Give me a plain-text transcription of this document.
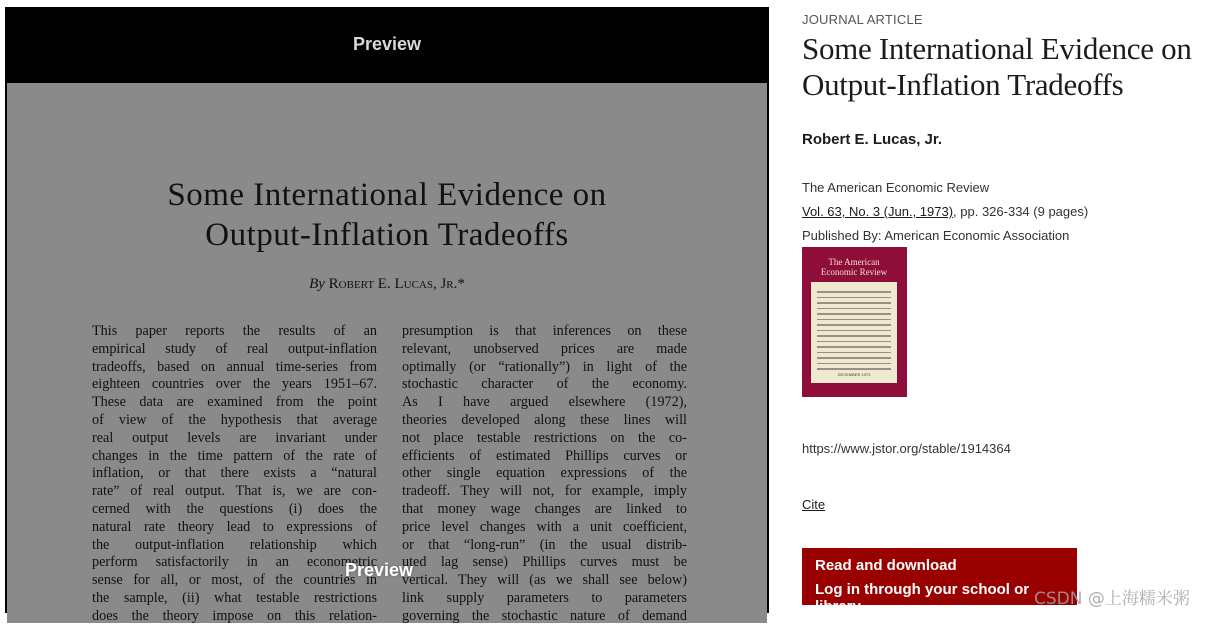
Preview
Some International Evidence on
Output-Inflation Tradeoffs
By Robert E. Lucas, Jr.*
This paper reports the results of an
empirical study of real output-inflation
tradeoffs, based on annual time-series from
eighteen countries over the years 1951–67.
These data are examined from the point
of view of the hypothesis that average
real output levels are invariant under
changes in the time pattern of the rate of
inflation, or that there exists a “natural
rate” of real output. That is, we are con-
cerned with the questions (i) does the
natural rate theory lead to expressions of
the output-inflation relationship which
perform satisfactorily in an econometric
sense for all, or most, of the countries in
the sample, (ii) what testable restrictions
does the theory impose on this relation-
presumption is that inferences on these
relevant, unobserved prices are made
optimally (or “rationally”) in light of the
stochastic character of the economy.
As I have argued elsewhere (1972),
theories developed along these lines will
not place testable restrictions on the co-
efficients of estimated Phillips curves or
other single equation expressions of the
tradeoff. They will not, for example, imply
that money wage changes are linked to
price level changes with a unit coefficient,
or that “long-run” (in the usual distrib-
uted lag sense) Phillips curves must be
vertical. They will (as we shall see below)
link supply parameters to parameters
governing the stochastic nature of demand
Preview
JOURNAL ARTICLE
Some International Evidence on Output-Inflation Tradeoffs
Robert E. Lucas, Jr.
The American Economic Review
Vol. 63, No. 3 (Jun., 1973), pp. 326-334 (9 pages)
Published By: American Economic Association
The American Economic Review
DECEMBER 1973
https://www.jstor.org/stable/1914364
Cite
Read and download
Log in through your school or library	CSDN @上海糯米粥
